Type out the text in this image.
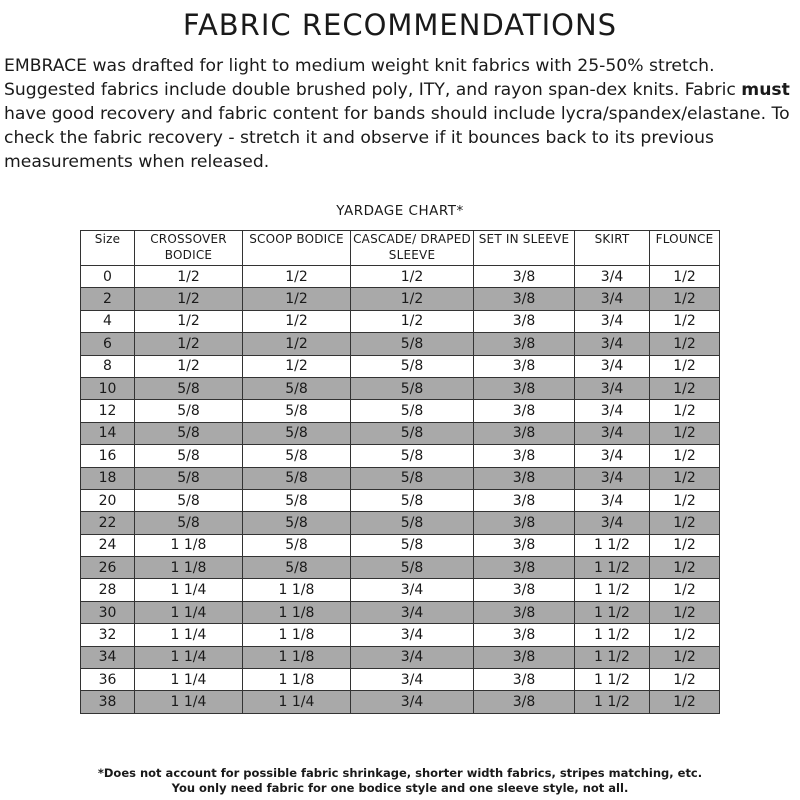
FABRIC RECOMMENDATIONS
EMBRACE was drafted for light to medium weight knit fabrics with 25-50% stretch. Suggested fabrics include double brushed poly, ITY, and rayon span-dex knits. Fabric must have good recovery and fabric content for bands should include lycra/spandex/elastane. To check the fabric recovery - stretch it and observe if it bounces back to its previous measurements when released.
YARDAGE CHART*
Size	CROSSOVER BODICE	SCOOP BODICE	CASCADE/ DRAPED SLEEVE	SET IN SLEEVE	SKIRT	FLOUNCE
0	1/2	1/2	1/2	3/8	3/4	1/2
2	1/2	1/2	1/2	3/8	3/4	1/2
4	1/2	1/2	1/2	3/8	3/4	1/2
6	1/2	1/2	5/8	3/8	3/4	1/2
8	1/2	1/2	5/8	3/8	3/4	1/2
10	5/8	5/8	5/8	3/8	3/4	1/2
12	5/8	5/8	5/8	3/8	3/4	1/2
14	5/8	5/8	5/8	3/8	3/4	1/2
16	5/8	5/8	5/8	3/8	3/4	1/2
18	5/8	5/8	5/8	3/8	3/4	1/2
20	5/8	5/8	5/8	3/8	3/4	1/2
22	5/8	5/8	5/8	3/8	3/4	1/2
24	1 1/8	5/8	5/8	3/8	1 1/2	1/2
26	1 1/8	5/8	5/8	3/8	1 1/2	1/2
28	1 1/4	1 1/8	3/4	3/8	1 1/2	1/2
30	1 1/4	1 1/8	3/4	3/8	1 1/2	1/2
32	1 1/4	1 1/8	3/4	3/8	1 1/2	1/2
34	1 1/4	1 1/8	3/4	3/8	1 1/2	1/2
36	1 1/4	1 1/8	3/4	3/8	1 1/2	1/2
38	1 1/4	1 1/4	3/4	3/8	1 1/2	1/2
*Does not account for possible fabric shrinkage, shorter width fabrics, stripes matching, etc.
You only need fabric for one bodice style and one sleeve style, not all.
